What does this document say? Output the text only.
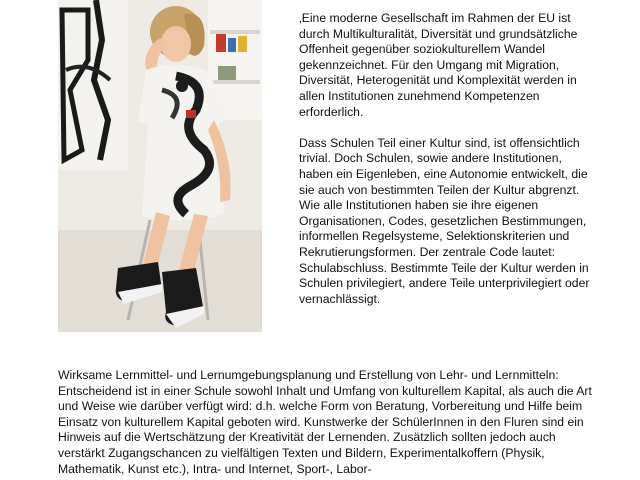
‚Eine moderne Gesellschaft im Rahmen der EU ist durch Multikulturalität, Diversität und grundsätzliche Offenheit gegenüber soziokulturellem Wandel gekennzeichnet. Für den Umgang mit Migration, Diversität, Heterogenität und Komplexität werden in allen Institutionen zunehmend Kompetenzen erforderlich.

Dass Schulen Teil einer Kultur sind, ist offensichtlich trivial. Doch Schulen, sowie andere Institutionen, haben ein Eigenleben, eine Autonomie entwickelt, die sie auch von bestimmten Teilen der Kultur abgrenzt. Wie alle Institutionen haben sie ihre eigenen Organisationen, Codes, gesetzlichen Bestimmungen, informellen Regelsysteme, Selektionskriterien und Rekrutierungsformen. Der zentrale Code lautet: Schulabschluss. Bestimmte Teile der Kultur werden in Schulen privilegiert, andere Teile unterprivilegiert oder vernachlässigt.

Wirksame Lernmittel- und Lernumgebungsplanung und Erstellung von Lehr- und Lernmitteln: Entscheidend ist in einer Schule sowohl Inhalt und Umfang von kulturellem Kapital, als auch die Art und Weise wie darüber verfügt wird: d.h. welche Form von Beratung, Vorbereitung und Hilfe beim Einsatz von kulturellem Kapital geboten wird. Kunstwerke der SchülerInnen in den Fluren sind ein Hinweis auf die Wertschätzung der Kreativität der Lernenden. Zusätzlich sollten jedoch auch verstärkt Zugangschancen zu vielfältigen Texten und Bildern, Experimentalkoffern (Physik, Mathematik, Kunst etc.), Intra- und Internet, Sport-, Labor-
